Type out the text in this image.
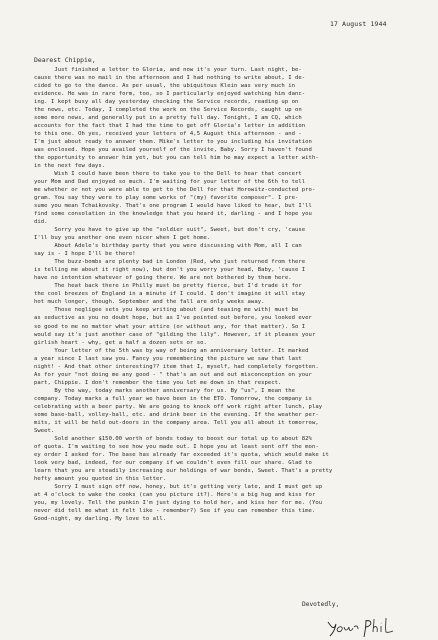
17 August 1944
Dearest Chippie,
Just finished a letter to Gloria, and now it's your turn. Last night, be-
cause there was no mail in the afternoon and I had nothing to write about, I de-
cided to go to the dance. As per usual, the ubiquitous Klein was very much in
evidence. He was in rare form, too, so I particularly enjoyed watching him danc-
ing. I kept busy all day yesterday checking the Service records, reading up on
the news, etc. Today, I completed the work on the Service Records, caught up on
some more news, and generally put in a pretty full day. Tonight, I am CQ, which
accounts for the fact that I had the time to get off Gloria's letter in addition
to this one. Oh yes, received your letters of 4,5 August this afternoon - and -
I'm just about ready to answer them. Mike's letter to you including his invitation
was enclosed. Hope you availed yourself of the invite, Baby. Sorry I haven't found
the opportunity to answer him yet, but you can tell him he may expect a letter with-
in the next few days.
Wish I could have been there to take you to the Dell to hear that concert
your Mom and Dad enjoyed so much. I'm waiting for your letter of the 6th to tell
me whether or not you were able to get to the Dell for that Horowitz-conducted pro-
gram. You say they were to play some works of "(my) favorite composer". I pre-
sume you mean Tchaikovsky. That's one program I would have liked to hear, but I'll
find some consolation in the knowledge that you heard it, darling - and I hope you
did.
Sorry you have to give up the "soldier suit", Sweet, but don't cry, 'cause
I'll buy you another one even nicer when I get home.
About Adele's birthday party that you were discussing with Mom, all I can
say is - I hope I'll be there!
The buzz-bombs are plenty bad in London (Red, who just returned from there
is telling me about it right now), but don't you worry your head, Baby, 'cause I
have no intention whatever of going there. We are not bothered by them here.
The heat back there in Philly must be pretty fierce, but I'd trade it for
the cool breezes of England in a minute if I could. I don't imagine it will stay
hot much longer, though. September and the fall are only weeks away.
Those negligee sets you keep writing about (and teasing me with) must be
as seductive as you no doubt hope, but as I've pointed out before, you looked ever
so good to me no matter what your attire (or without any, for that matter). So I
would say it's just another case of "gilding the lily". However, if it pleases your
girlish heart - why, get a half a dozen sets or so.
Your letter of the 5th was by way of being an anniversary letter. It marked
a year since I last saw you. Fancy you remembering the picture we saw that last
night! - And that other interesting?? item that I, myself, had completely forgotten.
As for your "not doing me any good - " that's an out and out misconception on your
part, Chippie. I don't remember the time you let me down in that respect.
By the way, today marks another anniversary for us. By "us", I mean the
company. Today marks a full year we have been in the ETO. Tomorrow, the company is
celebrating with a beer party. We are going to knock off work right after lunch, play
some base-ball, volley-ball, etc. and drink beer in the evening. If the weather per-
mits, it will be held out-doors in the company area. Tell you all about it tomorrow,
Sweet.
Sold another $150.00 worth of bonds today to boost our total up to about 82%
of quota. I'm waiting to see how you made out. I hope you at least sent off the mon-
ey order I asked for. The base has already far exceeded it's quota, which would make it
look very bad, indeed, for our company if we couldn't even fill our share. Glad to
learn that you are steadily increasing our holdings of war bonds, Sweet. That's a pretty
hefty amount you quoted in this letter.
Sorry I must sign off now, honey, but it's getting very late, and I must get up
at 4 o'clock to wake the cooks (can you picture it?). Here's a big hug and kiss for
you, my lovely. Tell the punkin I'm just dying to hold her, and kiss her for me. (You
never did tell me what it felt like - remember?) See if you can remember this time.
Good-night, my darling. My love to all.
Devotedly,
